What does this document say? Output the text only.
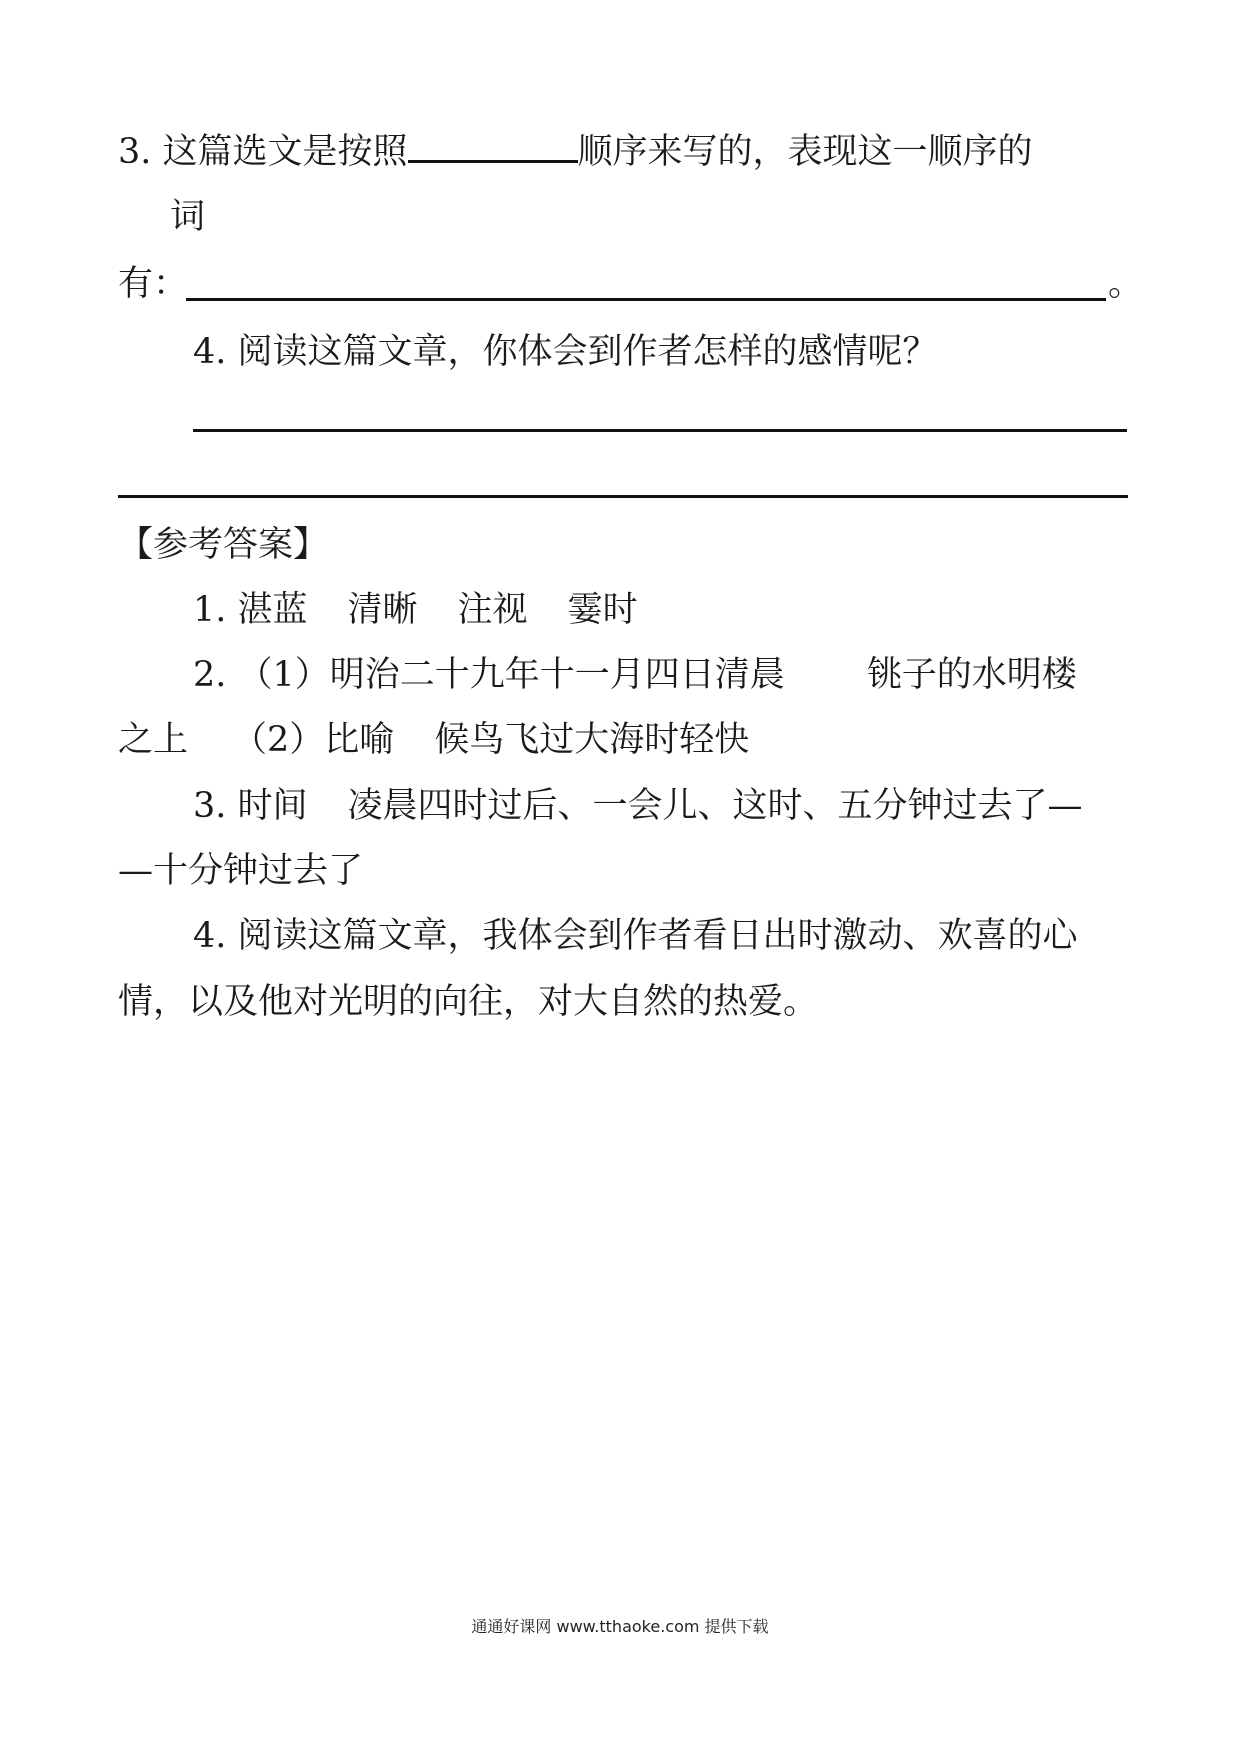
3. 这篇选文是按照	顺序来写的，表现这一顺序的
词
有：	。
4. 阅读这篇文章，你体会到作者怎样的感情呢？
【参考答案】
1. 湛蓝 清晰 注视 霎时
2. （1）明治二十九年十一月四日清晨 铫子的水明楼
之上 （2）比喻 候鸟飞过大海时轻快
3. 时间 凌晨四时过后、一会儿、这时、五分钟过去了—
—十分钟过去了
4. 阅读这篇文章，我体会到作者看日出时激动、欢喜的心
情，以及他对光明的向往，对大自然的热爱。
通通好课网 www.tthaoke.com 提供下载
